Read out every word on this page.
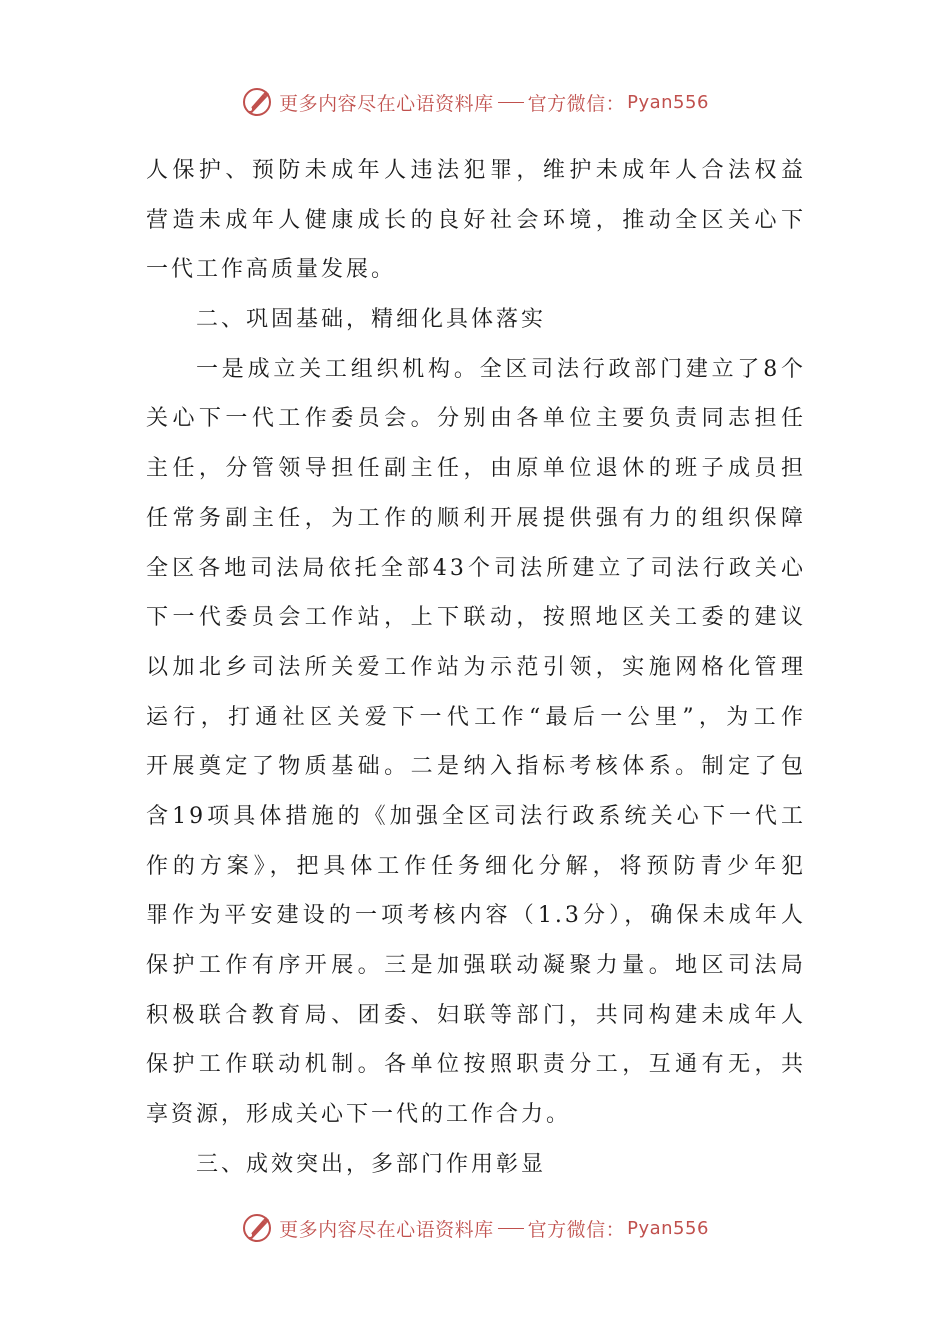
更多内容尽在心语资料库 官方微信： Pyan556
人保护、预防未成年人违法犯罪，维护未成年人合法权益
营造未成年人健康成长的良好社会环境，推动全区关心下
一代工作高质量发展。
二、巩固基础，精细化具体落实
一是成立关工组织机构。全区司法行政部门建立了8个
关心下一代工作委员会。分别由各单位主要负责同志担任
主任，分管领导担任副主任，由原单位退休的班子成员担
任常务副主任，为工作的顺利开展提供强有力的组织保障
全区各地司法局依托全部43个司法所建立了司法行政关心
下一代委员会工作站，上下联动，按照地区关工委的建议
以加北乡司法所关爱工作站为示范引领，实施网格化管理
运行，打通社区关爱下一代工作“最后一公里”，为工作
开展奠定了物质基础。二是纳入指标考核体系。制定了包
含19项具体措施的《加强全区司法行政系统关心下一代工
作的方案》，把具体工作任务细化分解，将预防青少年犯
罪作为平安建设的一项考核内容（1.3分），确保未成年人
保护工作有序开展。三是加强联动凝聚力量。地区司法局
积极联合教育局、团委、妇联等部门，共同构建未成年人
保护工作联动机制。各单位按照职责分工，互通有无，共
享资源，形成关心下一代的工作合力。
三、成效突出，多部门作用彰显
更多内容尽在心语资料库 官方微信： Pyan556
